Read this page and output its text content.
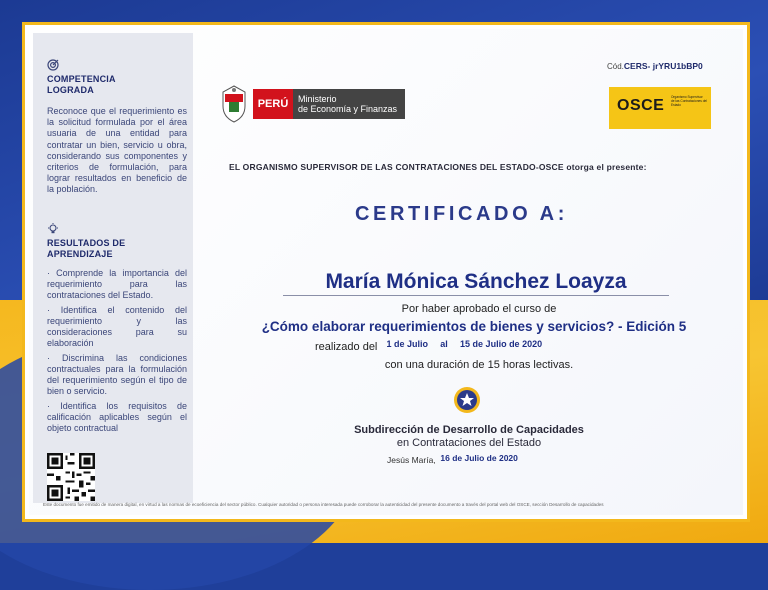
COMPETENCIA
LOGRADA
Reconoce que el requerimiento es la solicitud formulada por el área usuaria de una entidad para contratar un bien, servicio u obra, considerando sus componentes y criterios de formulación, para lograr resultados en beneficio de la población.
RESULTADOS DE
APRENDIZAJE
· Comprende la importancia del requerimiento para las contrataciones del Estado.
· Identifica el contenido del requerimiento y las consideraciones para su elaboración
· Discrimina las condiciones contractuales para la formulación del requerimiento según el tipo de bien o servicio.
· Identifica los requisitos de calificación aplicables según el objeto contractual
Este documento fue emitido de manera digital, en virtud a las normas de ecoeficiencia del sector público. Cualquier autoridad o persona interesada puede corroborar la autenticidad del presente documento a través del portal web del OSCE, sección Desarrollo de capacidades
Cód.CERS- jrYRU1bBP0
PERÚ	Ministerio
de Economía y Finanzas	OSCE Organismo Supervisor de las Contrataciones del Estado
EL ORGANISMO SUPERVISOR DE LAS CONTRATACIONES DEL ESTADO-OSCE otorga el presente:
CERTIFICADO A:
María Mónica Sánchez Loayza
Por haber aprobado el curso de
¿Cómo elaborar requerimientos de bienes y servicios? - Edición 5
realizado del $^{1 de Julio}$ $^{al}$ $^{15 de Julio de 2020}$
con una duración de 15 horas lectivas.
Subdirección de Desarrollo de Capacidades
en Contrataciones del Estado
Jesús María, 16 de Julio de 2020
